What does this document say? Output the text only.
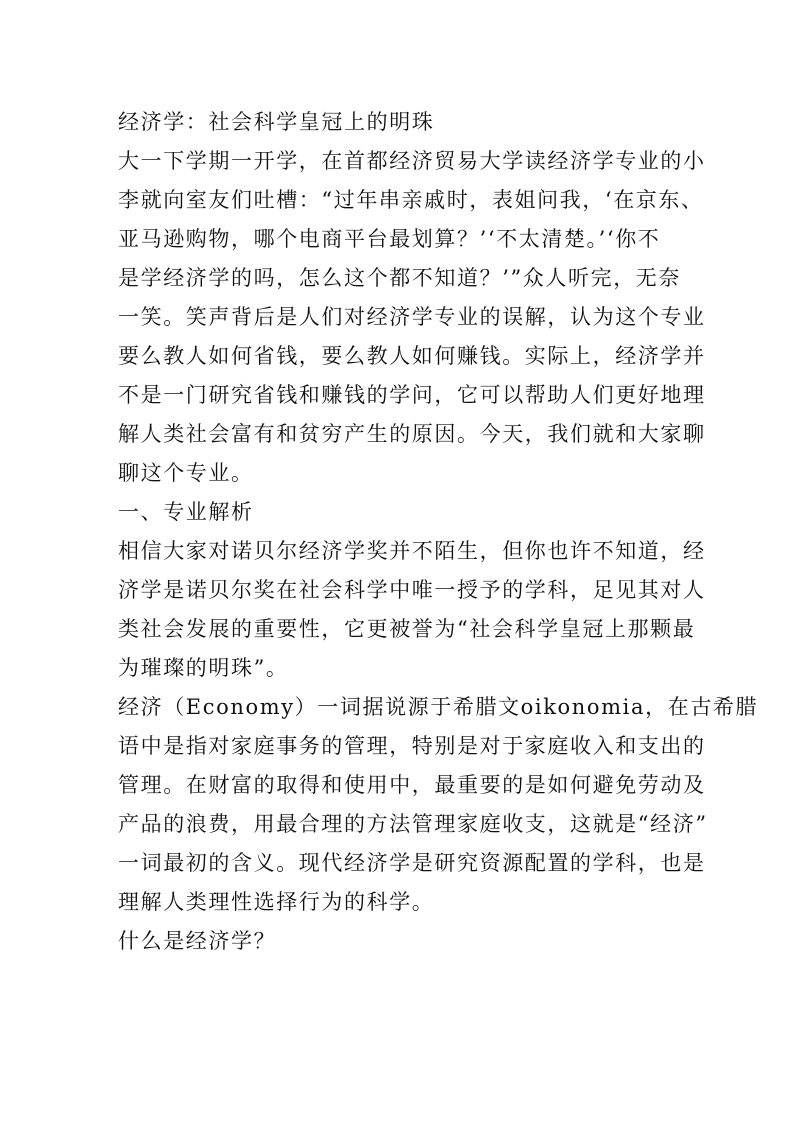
经济学：社会科学皇冠上的明珠
大一下学期一开学，在首都经济贸易大学读经济学专业的小
李就向室友们吐槽：“过年串亲戚时，表姐问我，‘在京东、
亚马逊购物，哪个电商平台最划算？’‘不太清楚。’‘你不
是学经济学的吗，怎么这个都不知道？’”众人听完，无奈
一笑。笑声背后是人们对经济学专业的误解，认为这个专业
要么教人如何省钱，要么教人如何赚钱。实际上，经济学并
不是一门研究省钱和赚钱的学问，它可以帮助人们更好地理
解人类社会富有和贫穷产生的原因。今天，我们就和大家聊
聊这个专业。
一、专业解析
相信大家对诺贝尔经济学奖并不陌生，但你也许不知道，经
济学是诺贝尔奖在社会科学中唯一授予的学科，足见其对人
类社会发展的重要性，它更被誉为“社会科学皇冠上那颗最
为璀璨的明珠”。
经济（Economy）一词据说源于希腊文oikonomia，在古希腊
语中是指对家庭事务的管理，特别是对于家庭收入和支出的
管理。在财富的取得和使用中，最重要的是如何避免劳动及
产品的浪费，用最合理的方法管理家庭收支，这就是“经济”
一词最初的含义。现代经济学是研究资源配置的学科，也是
理解人类理性选择行为的科学。
什么是经济学？
